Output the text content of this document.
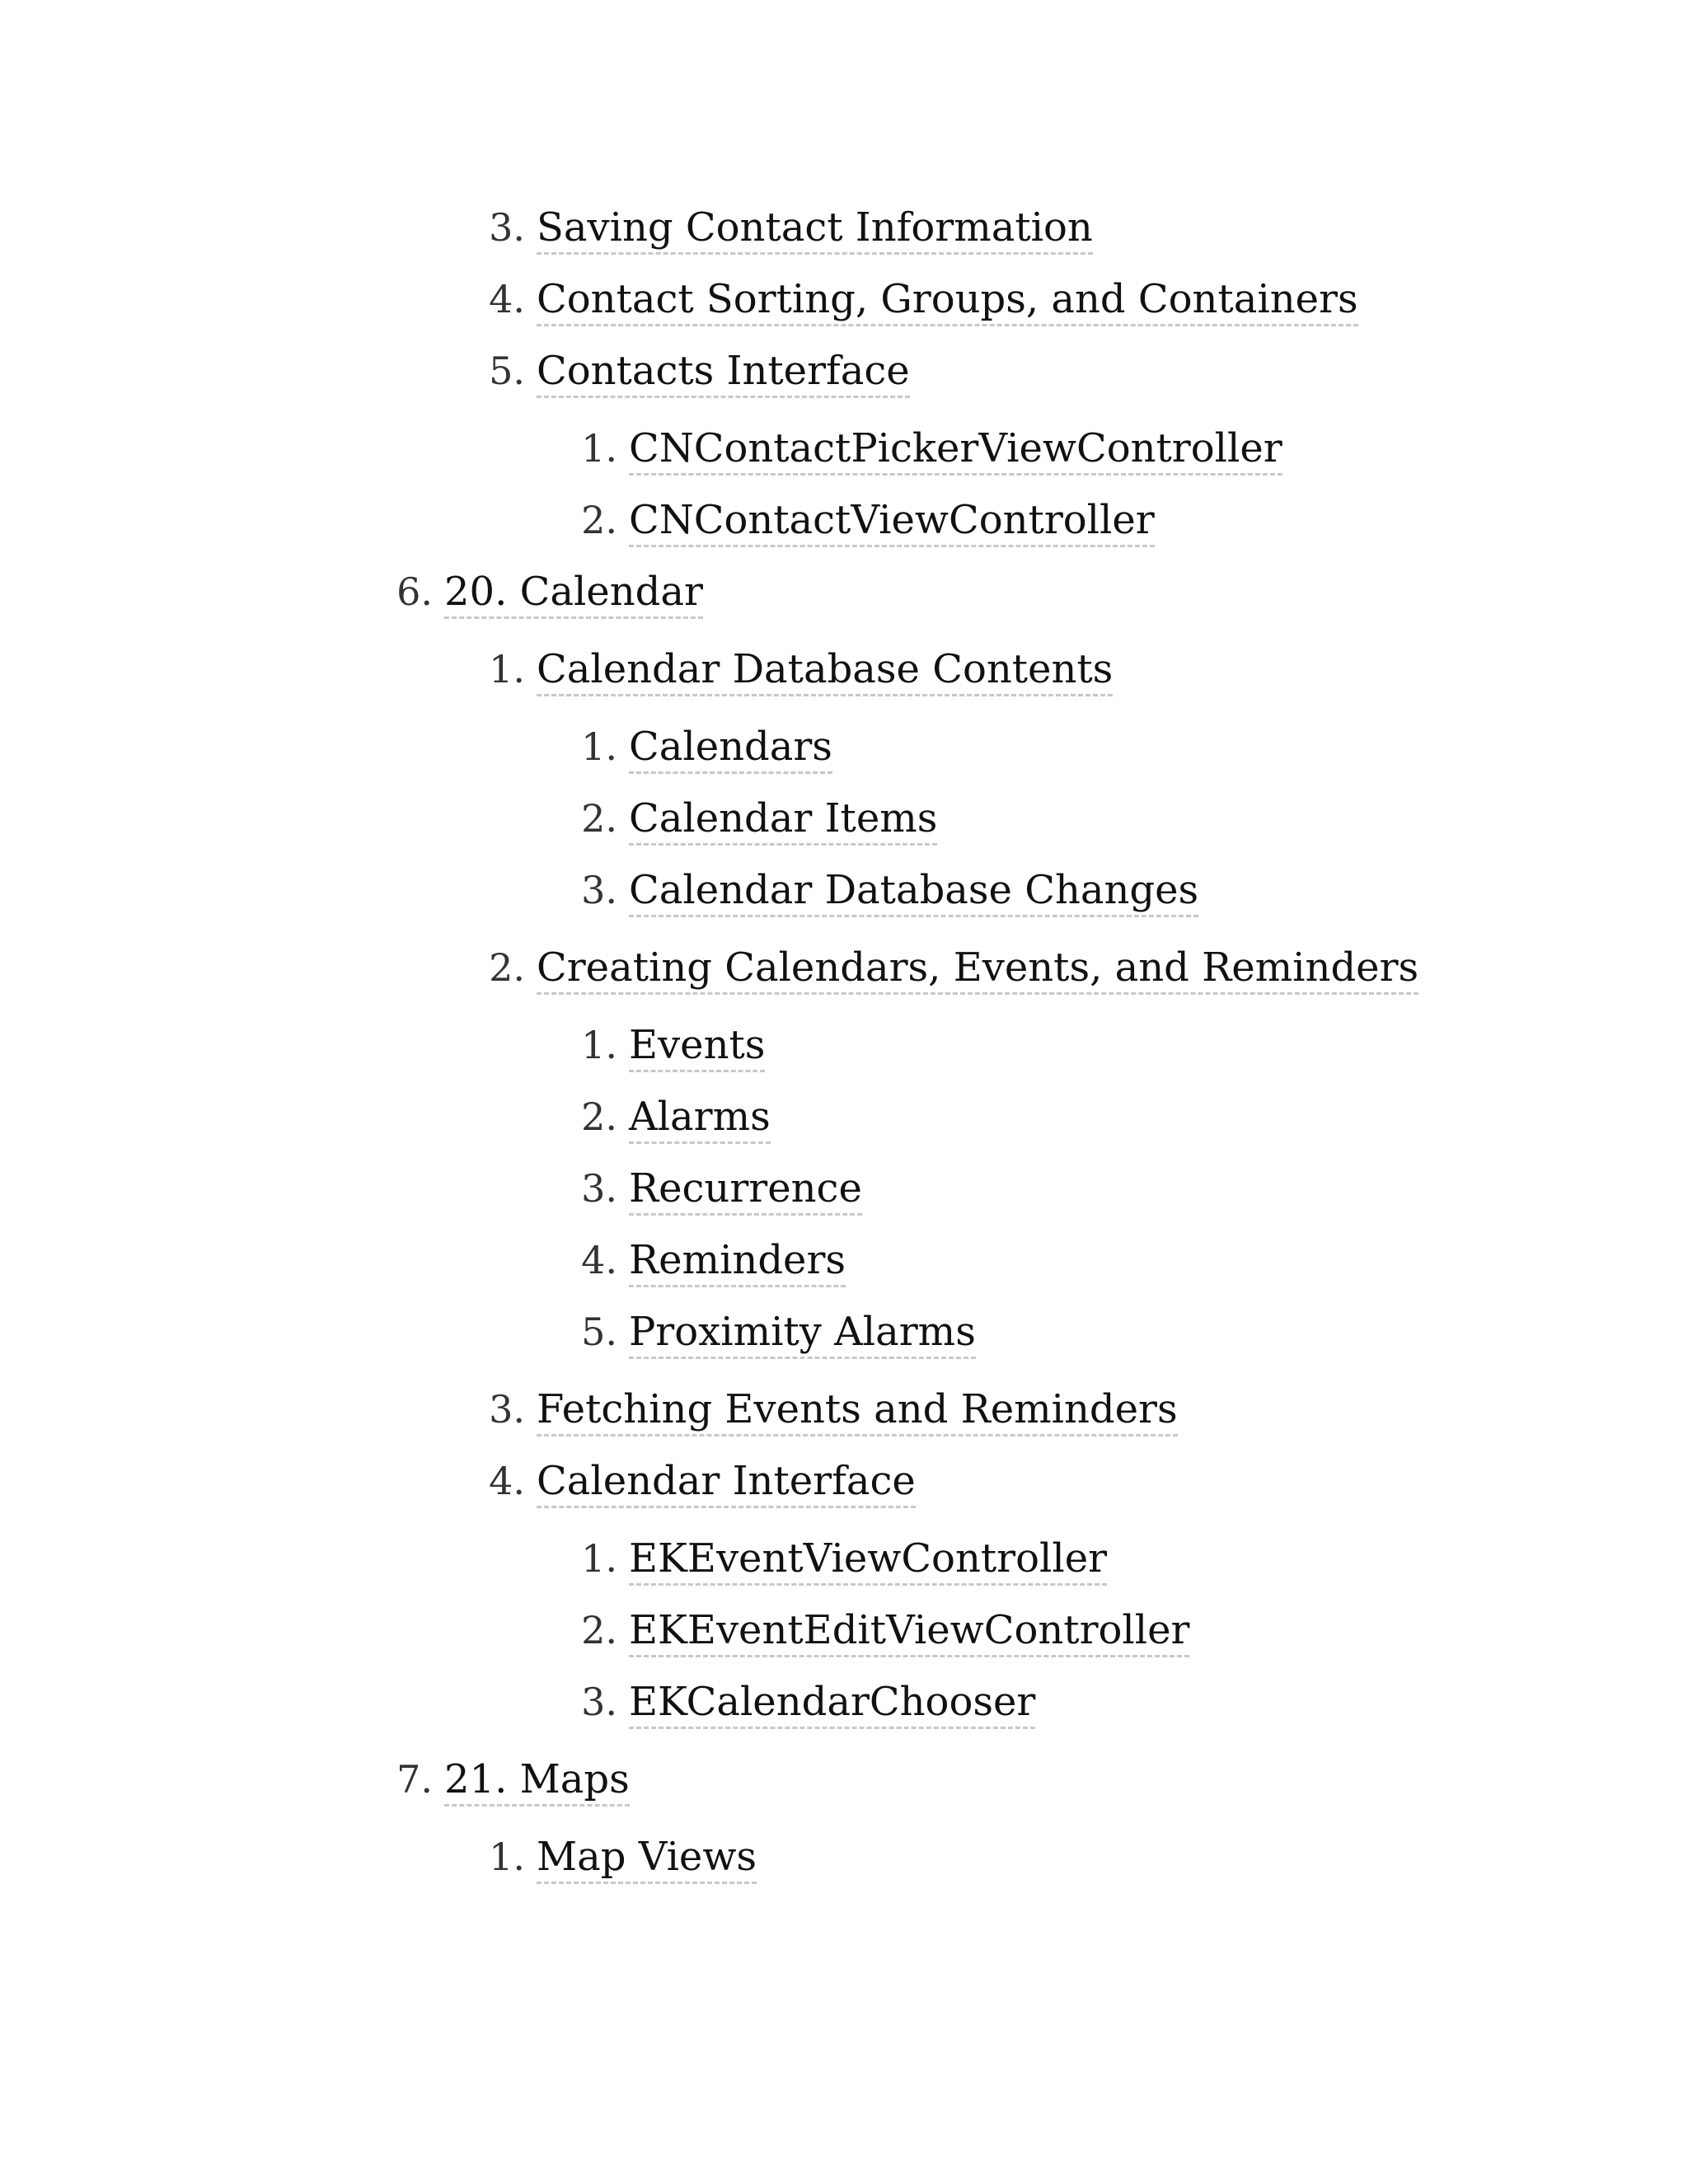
3. Saving Contact Information
4. Contact Sorting, Groups, and Containers
5. Contacts Interface
1. CNContactPickerViewController
2. CNContactViewController
6. 20. Calendar
1. Calendar Database Contents
1. Calendars
2. Calendar Items
3. Calendar Database Changes
2. Creating Calendars, Events, and Reminders
1. Events
2. Alarms
3. Recurrence
4. Reminders
5. Proximity Alarms
3. Fetching Events and Reminders
4. Calendar Interface
1. EKEventViewController
2. EKEventEditViewController
3. EKCalendarChooser
7. 21. Maps
1. Map Views
